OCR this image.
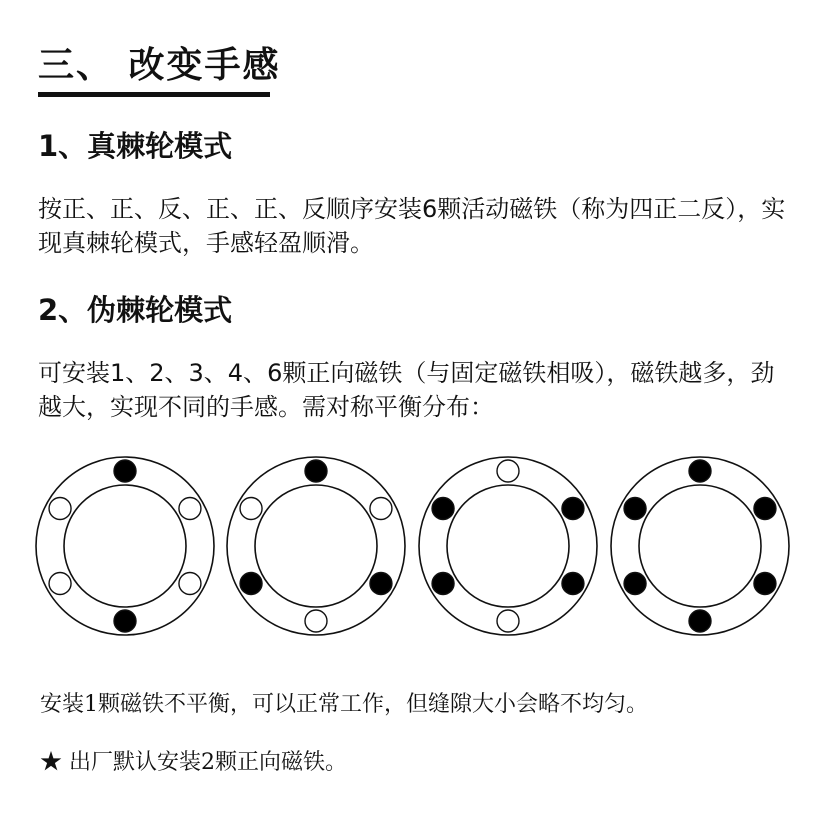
三、 改变手感
1、真棘轮模式

按正、正、反、正、正、反顺序安装6颗活动磁铁（称为四正二反），实现真棘轮模式，手感轻盈顺滑。

2、伪棘轮模式

可安装1、2、3、4、6颗正向磁铁（与固定磁铁相吸），磁铁越多，劲越大，实现不同的手感。需对称平衡分布：

安装1颗磁铁不平衡，可以正常工作，但缝隙大小会略不均匀。

★ 出厂默认安装2颗正向磁铁。
